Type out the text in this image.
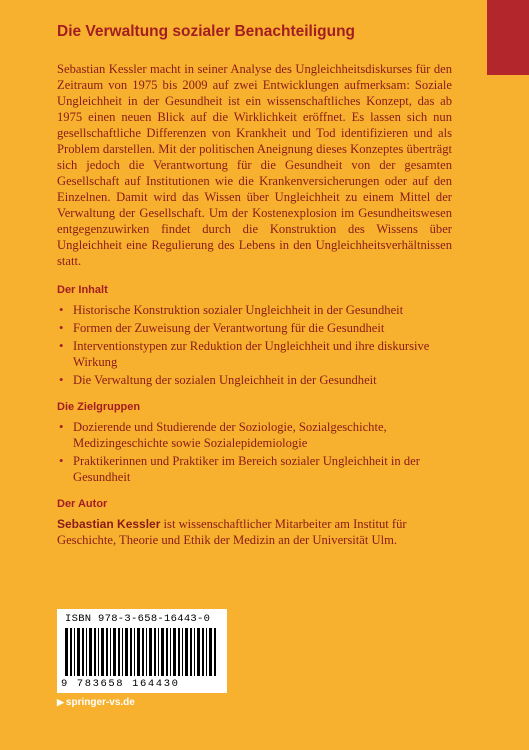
Die Verwaltung sozialer Benachteiligung

Sebastian Kessler macht in seiner Analyse des Ungleichheitsdiskurses für den Zeitraum von 1975 bis 2009 auf zwei Entwicklungen aufmerksam: Soziale Ungleichheit in der Gesundheit ist ein wissenschaftliches Konzept, das ab 1975 einen neuen Blick auf die Wirklichkeit eröffnet. Es lassen sich nun gesellschaftliche Differenzen von Krankheit und Tod identifizieren und als Problem darstellen. Mit der politischen Aneignung dieses Konzeptes überträgt sich jedoch die Verantwortung für die Gesundheit von der gesamten Gesellschaft auf Institutionen wie die Krankenversicherungen oder auf den Einzelnen. Damit wird das Wissen über Ungleichheit zu einem Mittel der Verwaltung der Gesellschaft. Um der Kostenexplosion im Gesundheitswesen entgegenzuwirken findet durch die Konstruktion des Wissens über Ungleichheit eine Regulierung des Lebens in den Ungleichheitsverhältnissen statt.

Der Inhalt
• Historische Konstruktion sozialer Ungleichheit in der Gesundheit
• Formen der Zuweisung der Verantwortung für die Gesundheit
• Interventionstypen zur Reduktion der Ungleichheit und ihre diskursive Wirkung
• Die Verwaltung der sozialen Ungleichheit in der Gesundheit
Die Zielgruppen
• Dozierende und Studierende der Soziologie, Sozialgeschichte, Medizingeschichte sowie Sozialepidemiologie
• Praktikerinnen und Praktiker im Bereich sozialer Ungleichheit in der Gesundheit
Der Autor

Sebastian Kessler ist wissenschaftlicher Mitarbeiter am Institut für Geschichte, Theorie und Ethik der Medizin an der Universität Ulm.

ISBN 978-3-658-16443-0
9 783658 164430
▶ springer-vs.de
